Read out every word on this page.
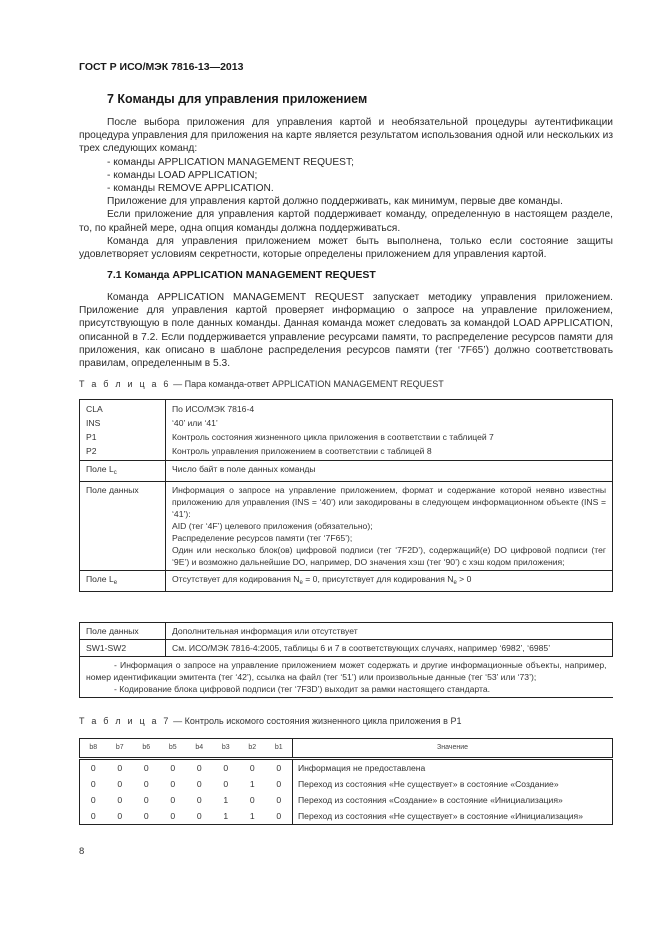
ГОСТ Р ИСО/МЭК 7816-13—2013
7 Команды для управления приложением

После выбора приложения для управления картой и необязательной процедуры аутентификации процедура управления для приложения на карте является результатом использования одной или нескольких из трех следующих команд:

- команды APPLICATION MANAGEMENT REQUEST;

- команды LOAD APPLICATION;

- команды REMOVE APPLICATION.

Приложение для управления картой должно поддерживать, как минимум, первые две команды.

Если приложение для управления картой поддерживает команду, определенную в настоящем разделе, то, по крайней мере, одна опция команды должна поддерживаться.

Команда для управления приложением может быть выполнена, только если состояние защиты удовлетворяет условиям секретности, которые определены приложением для управления картой.

7.1 Команда APPLICATION MANAGEMENT REQUEST

Команда APPLICATION MANAGEMENT REQUEST запускает методику управления приложением. Приложение для управления картой проверяет информацию о запросе на управление приложением, присутствующую в поле данных команды. Данная команда может следовать за командой LOAD APPLICATION, описанной в 7.2. Если поддерживается управление ресурсами памяти, то распределение ресурсов памяти для приложения, как описано в шаблоне распределения ресурсов памяти (тег ‘7F65’) должно соответствовать правилам, определенным в 5.3.

Т а б л и ц а 6 — Пара команда-ответ APPLICATION MANAGEMENT REQUEST
CLA	По ИСО/МЭК 7816-4
INS	‘40’ или ‘41’
P1	Контроль состояния жизненного цикла приложения в соответствии с таблицей 7
P2	Контроль управления приложением в соответствии с таблицей 8
Поле $L_c$	Число байт в поле данных команды
Поле данных	Информация о запросе на управление приложением, формат и содержание которой неявно известны приложению для управления (INS = ‘40’) или закодированы в следующем информационном объекте (INS = ‘41’):
AID (тег ‘4F’) целевого приложения (обязательно);
Распределение ресурсов памяти (тег ‘7F65’);
Один или несколько блок(ов) цифровой подписи (тег ‘7F2D’), содержащий(е) DO цифровой подписи (тег ‘9E’) и возможно дальнейшие DO, например, DO значения хэш (тег ‘90’) с хэш кодом приложения;

Поле $L_e$	Отсутствует для кодирования $N_e = 0$, присутствует для кодирования $N_e > 0$
Поле данных	Дополнительная информация или отсутствует
SW1-SW2	См. ИСО/МЭК 7816-4:2005, таблицы 6 и 7 в соответствующих случаях, например ‘6982’, ‘6985’

- Информация о запросе на управление приложением может содержать и другие информационные объекты, например, номер идентификации эмитента (тег ‘42’), ссылка на файл (тег ‘51’) или произвольные данные (тег ‘53’ или ‘73’);
- Кодирование блока цифровой подписи (тег ‘7F3D’) выходит за рамки настоящего стандарта.	
Т а б л и ц а 7 — Контроль искомого состояния жизненного цикла приложения в P1
b8	b7	b6	b5	b4	b3	b2	b1	Значение
0	0	0	0	0	0	0	0	Информация не предоставлена
0	0	0	0	0	0	1	0	Переход из состояния «Не существует» в состояние «Создание»
0	0	0	0	0	1	0	0	Переход из состояния «Создание» в состояние «Инициализация»
0	0	0	0	0	1	1	0	Переход из состояния «Не существует» в состояние «Инициализация»
8
